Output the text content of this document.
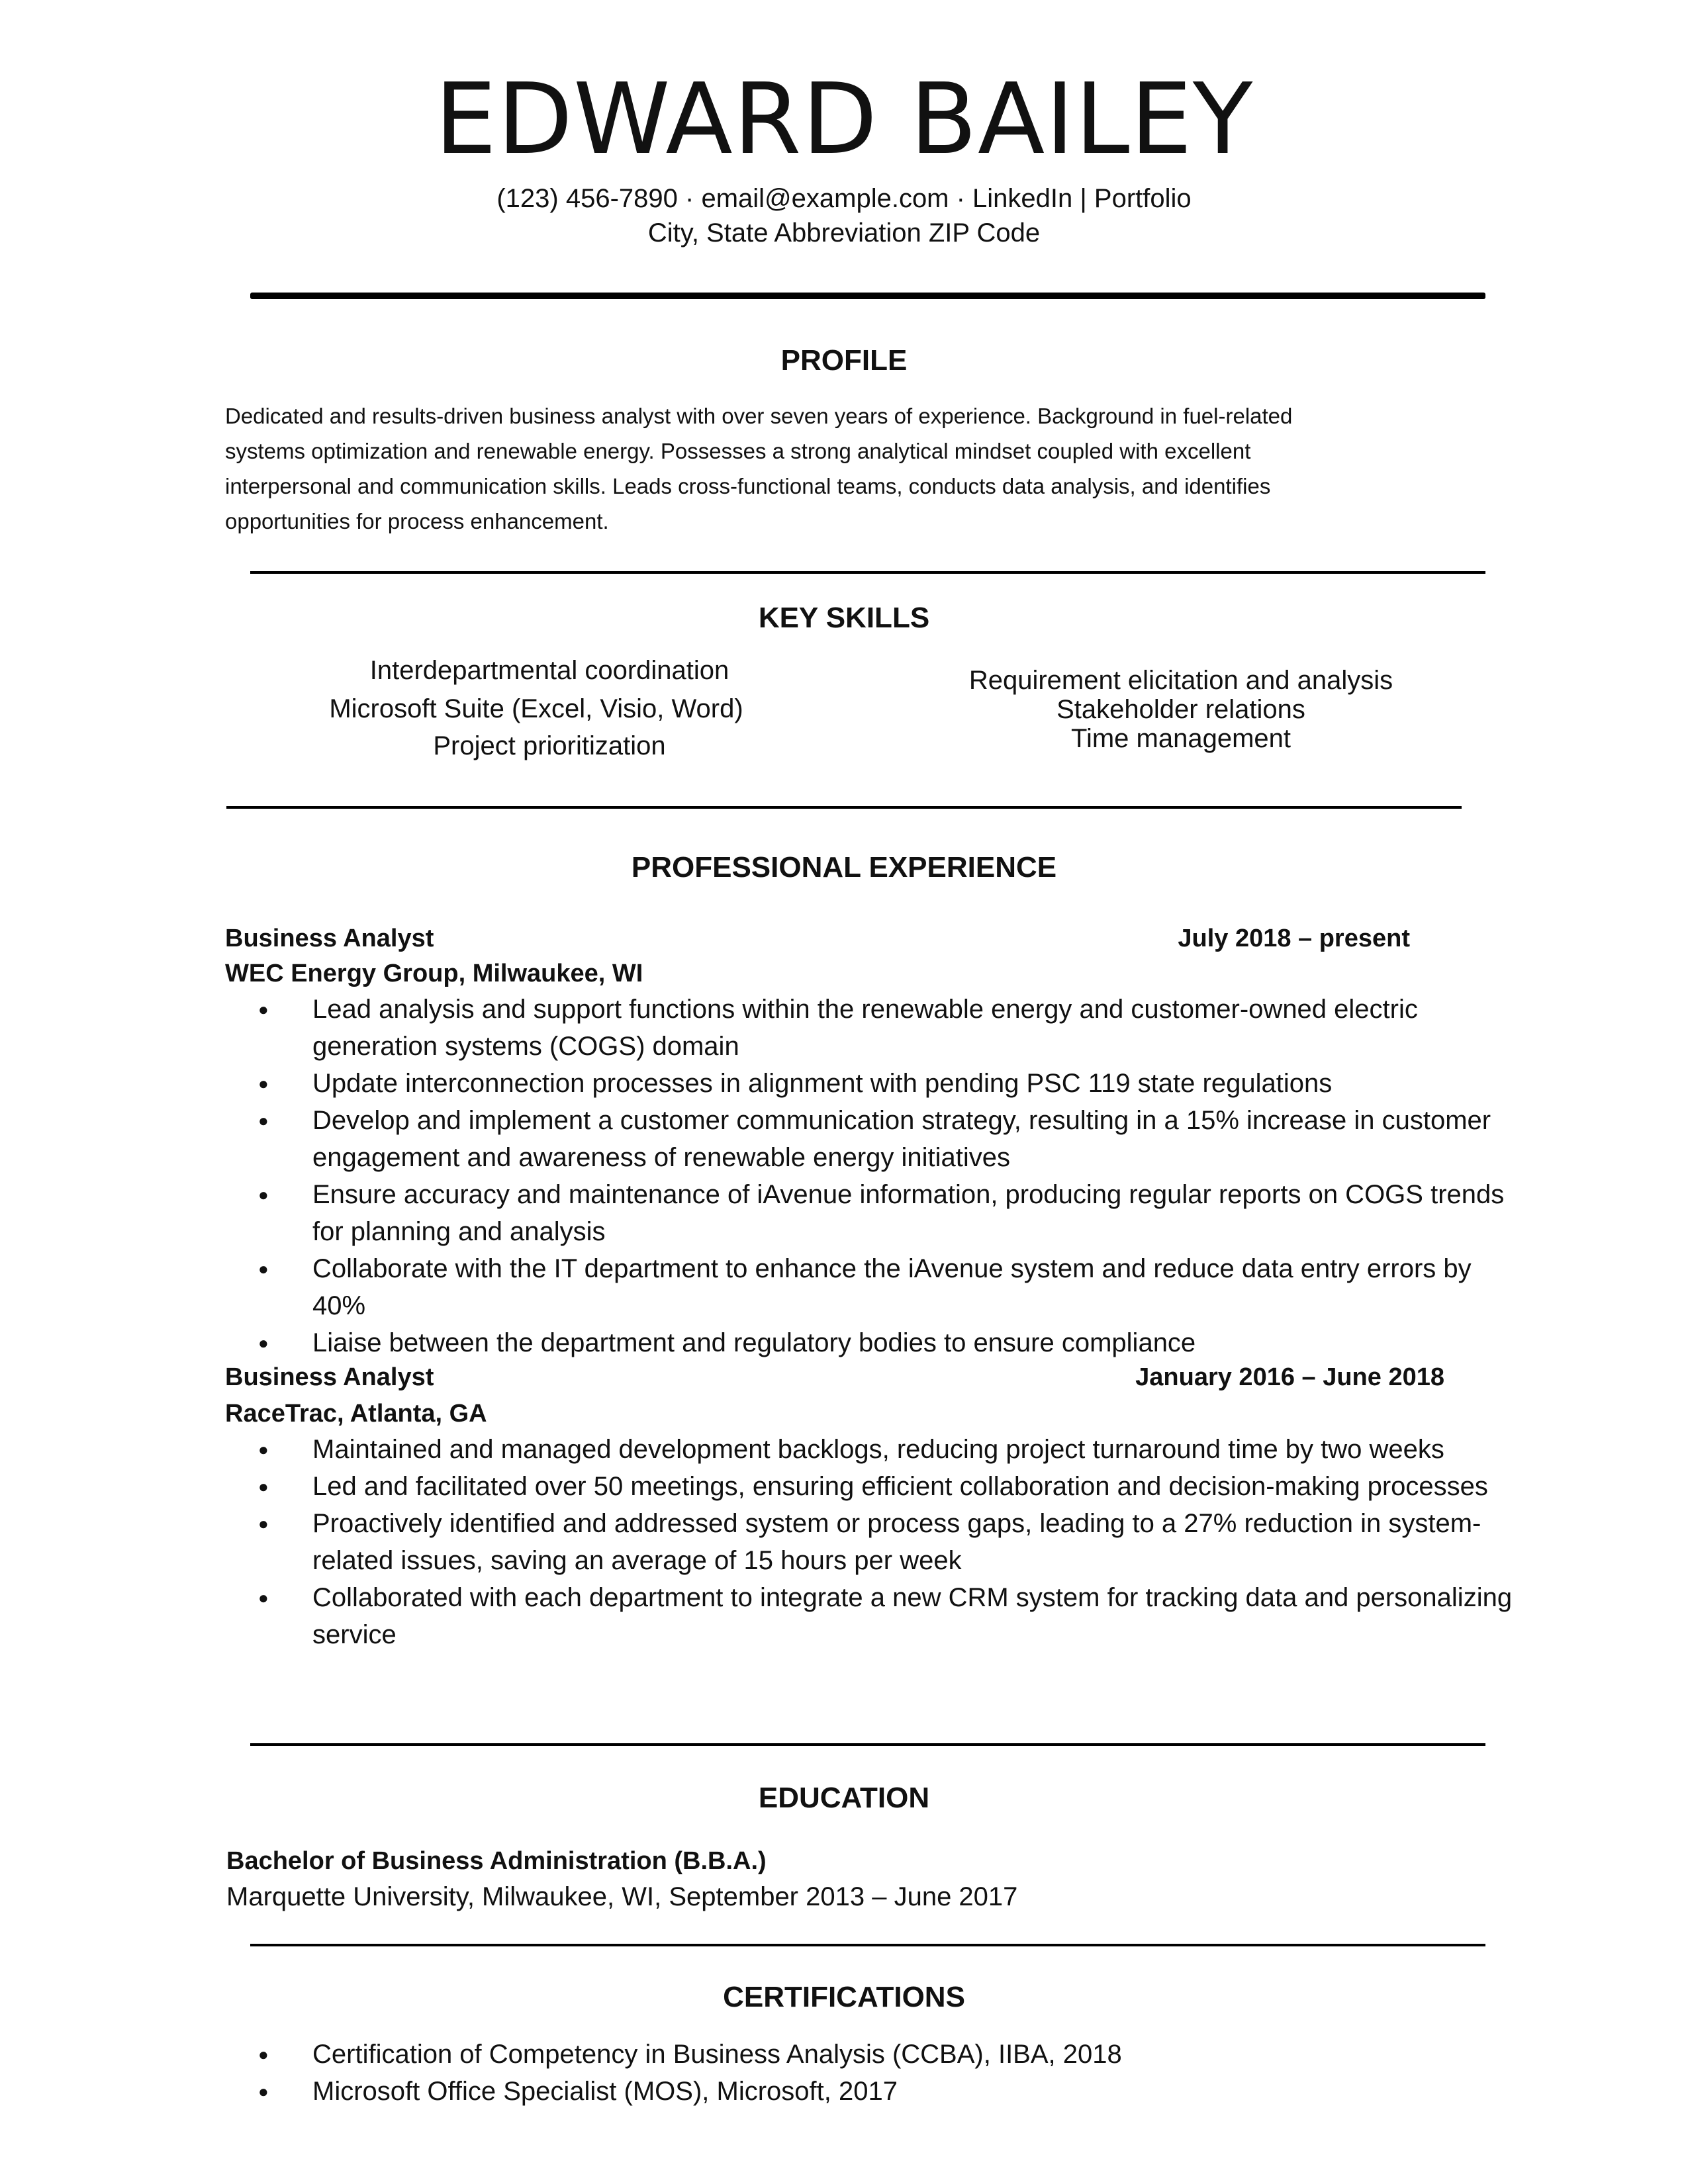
EDWARD BAILEY
(123) 456-7890 · email@example.com · LinkedIn | Portfolio
City, State Abbreviation ZIP Code
PROFILE
Dedicated and results-driven business analyst with over seven years of experience. Background in fuel-related
systems optimization and renewable energy. Possesses a strong analytical mindset coupled with excellent
interpersonal and communication skills. Leads cross-functional teams, conducts data analysis, and identifies
opportunities for process enhancement.
KEY SKILLS
Interdepartmental coordination
Microsoft Suite (Excel, Visio, Word)
Project prioritization
Requirement elicitation and analysis
Stakeholder relations
Time management
PROFESSIONAL EXPERIENCE
Business Analyst	July 2018 – present
WEC Energy Group, Milwaukee, WI
● Lead analysis and support functions within the renewable energy and customer-owned electric generation systems (COGS) domain
● Update interconnection processes in alignment with pending PSC 119 state regulations
● Develop and implement a customer communication strategy, resulting in a 15% increase in customer engagement and awareness of renewable energy initiatives
● Ensure accuracy and maintenance of iAvenue information, producing regular reports on COGS trends for planning and analysis
● Collaborate with the IT department to enhance the iAvenue system and reduce data entry errors by 40%
● Liaise between the department and regulatory bodies to ensure compliance
Business Analyst	January 2016 – June 2018
RaceTrac, Atlanta, GA
● Maintained and managed development backlogs, reducing project turnaround time by two weeks
● Led and facilitated over 50 meetings, ensuring efficient collaboration and decision-making processes
● Proactively identified and addressed system or process gaps, leading to a 27% reduction in system-related issues, saving an average of 15 hours per week
● Collaborated with each department to integrate a new CRM system for tracking data and personalizing service
EDUCATION
Bachelor of Business Administration (B.B.A.)
Marquette University, Milwaukee, WI, September 2013 – June 2017
CERTIFICATIONS
● Certification of Competency in Business Analysis (CCBA), IIBA, 2018
● Microsoft Office Specialist (MOS), Microsoft, 2017
